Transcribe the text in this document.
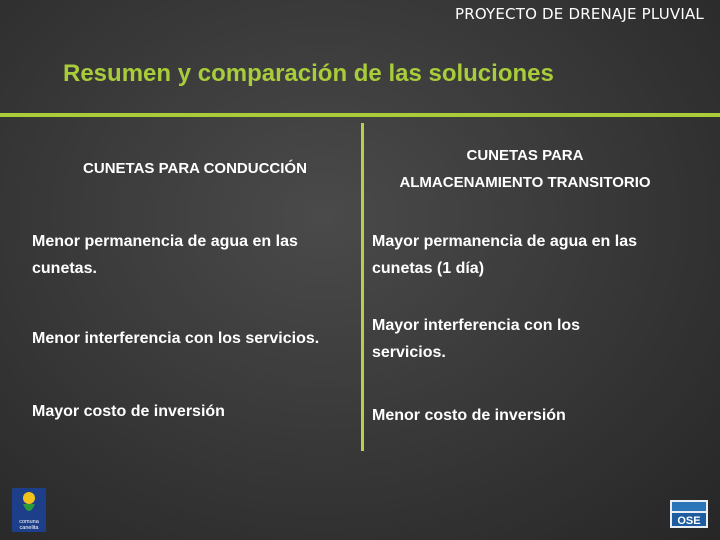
PROYECTO DE DRENAJE PLUVIAL
Resumen y comparación de las soluciones
CUNETAS PARA CONDUCCIÓN
CUNETAS PARA
ALMACENAMIENTO TRANSITORIO
Menor permanencia de agua en las
cunetas.
Mayor permanencia de agua en las
cunetas (1 día)
Menor interferencia con los servicios.
Mayor interferencia con los
servicios.
Mayor costo de inversión	Menor costo de inversión
comuna
canelita
OSE
